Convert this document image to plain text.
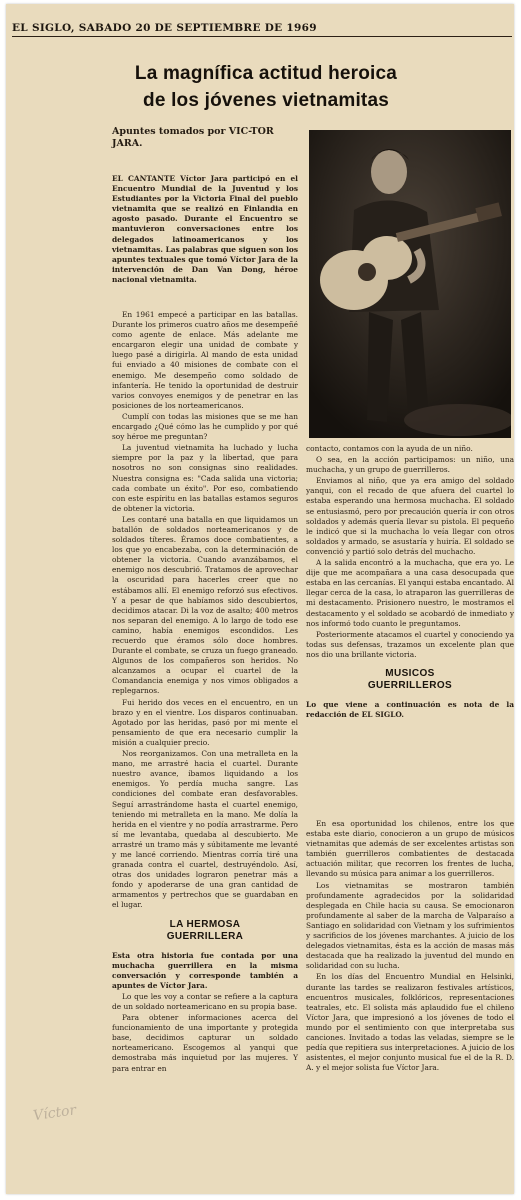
EL SIGLO, SABADO 20 DE SEPTIEMBRE DE 1969
La magnífica actitud heroica
de los jóvenes vietnamitas
Apuntes tomados por VIC-TOR JARA.

EL CANTANTE Víctor Jara participó en el Encuentro Mundial de la Juventud y los Estudiantes por la Victoria Final del pueblo vietnamita que se realizó en Finlandia en agosto pasado. Durante el Encuentro se mantuvieron conversaciones entre los delegados latinoamericanos y los vietnamitas. Las palabras que siguen son los apuntes textuales que tomó Víctor Jara de la intervención de Dan Van Dong, héroe nacional vietnamita.

En 1961 empecé a participar en las batallas. Durante los primeros cuatro años me desempeñé como agente de enlace. Más adelante me encargaron elegir una unidad de combate y luego pasé a dirigirla. Al mando de esta unidad fui enviado a 40 misiones de combate con el enemigo. Me desempeño como soldado de infantería. He tenido la oportunidad de destruir varios convoyes enemigos y de penetrar en las posiciones de los norteamericanos.

Cumplí con todas las misiones que se me han encargado ¿Qué cómo las he cumplido y por qué soy héroe me preguntan?

La juventud vietnamita ha luchado y lucha siempre por la paz y la libertad, que para nosotros no son consignas sino realidades. Nuestra consigna es: "Cada salida una victoria; cada combate un éxito". Por eso, combatiendo con este espíritu en las batallas estamos seguros de obtener la victoria.

Les contaré una batalla en que liquidamos un batallón de soldados norteamericanos y de soldados títeres. Éramos doce combatientes, a los que yo encabezaba, con la determinación de obtener la victoria. Cuando avanzábamos, el enemigo nos descubrió. Tratamos de aprovechar la oscuridad para hacerles creer que no estábamos allí. El enemigo reforzó sus efectivos. Y a pesar de que habíamos sido descubiertos, decidimos atacar. Di la voz de asalto; 400 metros nos separan del enemigo. A lo largo de todo ese camino, había enemigos escondidos. Les recuerdo que éramos sólo doce hombres. Durante el combate, se cruza un fuego graneado. Algunos de los compañeros son heridos. No alcanzamos a ocupar el cuartel de la Comandancia enemiga y nos vimos obligados a replegarnos.

Fui herido dos veces en el encuentro, en un brazo y en el vientre. Los disparos continuaban. Agotado por las heridas, pasó por mi mente el pensamiento de que era necesario cumplir la misión a cualquier precio.

Nos reorganizamos. Con una metralleta en la mano, me arrastré hacia el cuartel. Durante nuestro avance, íbamos liquidando a los enemigos. Yo perdía mucha sangre. Las condiciones del combate eran desfavorables. Seguí arrastrándome hasta el cuartel enemigo, teniendo mi metralleta en la mano. Me dolía la herida en el vientre y no podía arrastrarme. Pero sí me levantaba, quedaba al descubierto. Me arrastré un tramo más y súbitamente me levanté y me lancé corriendo. Mientras corría tiré una granada contra el cuartel, destruyéndolo. Así, otras dos unidades lograron penetrar más a fondo y apoderarse de una gran cantidad de armamentos y pertrechos que se guardaban en el lugar.

LA HERMOSA
GUERRILLERA

Esta otra historia fue contada por una muchacha guerrillera en la misma conversación y corresponde también a apuntes de Víctor Jara.

Lo que les voy a contar se refiere a la captura de un soldado norteamericano en su propia base.

Para obtener informaciones acerca del funcionamiento de una importante y protegida base, decidimos capturar un soldado norteamericano. Escogemos al yanqui que demostraba más inquietud por las mujeres. Y para entrar en

contacto, contamos con la ayuda de un niño.

O sea, en la acción participamos: un niño, una muchacha, y un grupo de guerrilleros.

Enviamos al niño, que ya era amigo del soldado yanqui, con el recado de que afuera del cuartel lo estaba esperando una hermosa muchacha. El soldado se entusiasmó, pero por precaución quería ir con otros soldados y además quería llevar su pistola. El pequeño le indicó que si la muchacha lo veía llegar con otros soldados y armado, se asustaría y huiría. El soldado se convenció y partió solo detrás del muchacho.

A la salida encontró a la muchacha, que era yo. Le dije que me acompañara a una casa desocupada que estaba en las cercanías. El yanqui estaba encantado. Al llegar cerca de la casa, lo atraparon las guerrilleras de mi destacamento. Prisionero nuestro, le mostramos el destacamento y el soldado se acobardó de inmediato y nos informó todo cuanto le preguntamos.

Posteriormente atacamos el cuartel y conociendo ya todas sus defensas, trazamos un excelente plan que nos dio una brillante victoria.

MUSICOS
GUERRILLEROS

Lo que viene a continuación es nota de la redacción de EL SIGLO.

En esa oportunidad los chilenos, entre los que estaba este diario, conocieron a un grupo de músicos vietnamitas que además de ser excelentes artistas son también guerrilleros combatientes de destacada actuación militar, que recorren los frentes de lucha, llevando su música para animar a los guerrilleros.

Los vietnamitas se mostraron también profundamente agradecidos por la solidaridad desplegada en Chile hacia su causa. Se emocionaron profundamente al saber de la marcha de Valparaíso a Santiago en solidaridad con Vietnam y los sufrimientos y sacrificios de los jóvenes marchantes. A juicio de los delegados vietnamitas, ésta es la acción de masas más destacada que ha realizado la juventud del mundo en solidaridad con su lucha.

En los días del Encuentro Mundial en Helsinki, durante las tardes se realizaron festivales artísticos, encuentros musicales, folklóricos, representaciones teatrales, etc. El solista más aplaudido fue el chileno Víctor Jara, que impresionó a los jóvenes de todo el mundo por el sentimiento con que interpretaba sus canciones. Invitado a todas las veladas, siempre se le pedía que repitiera sus interpretaciones. A juicio de los asistentes, el mejor conjunto musical fue el de la R. D. A. y el mejor solista fue Víctor Jara.

Víctor
